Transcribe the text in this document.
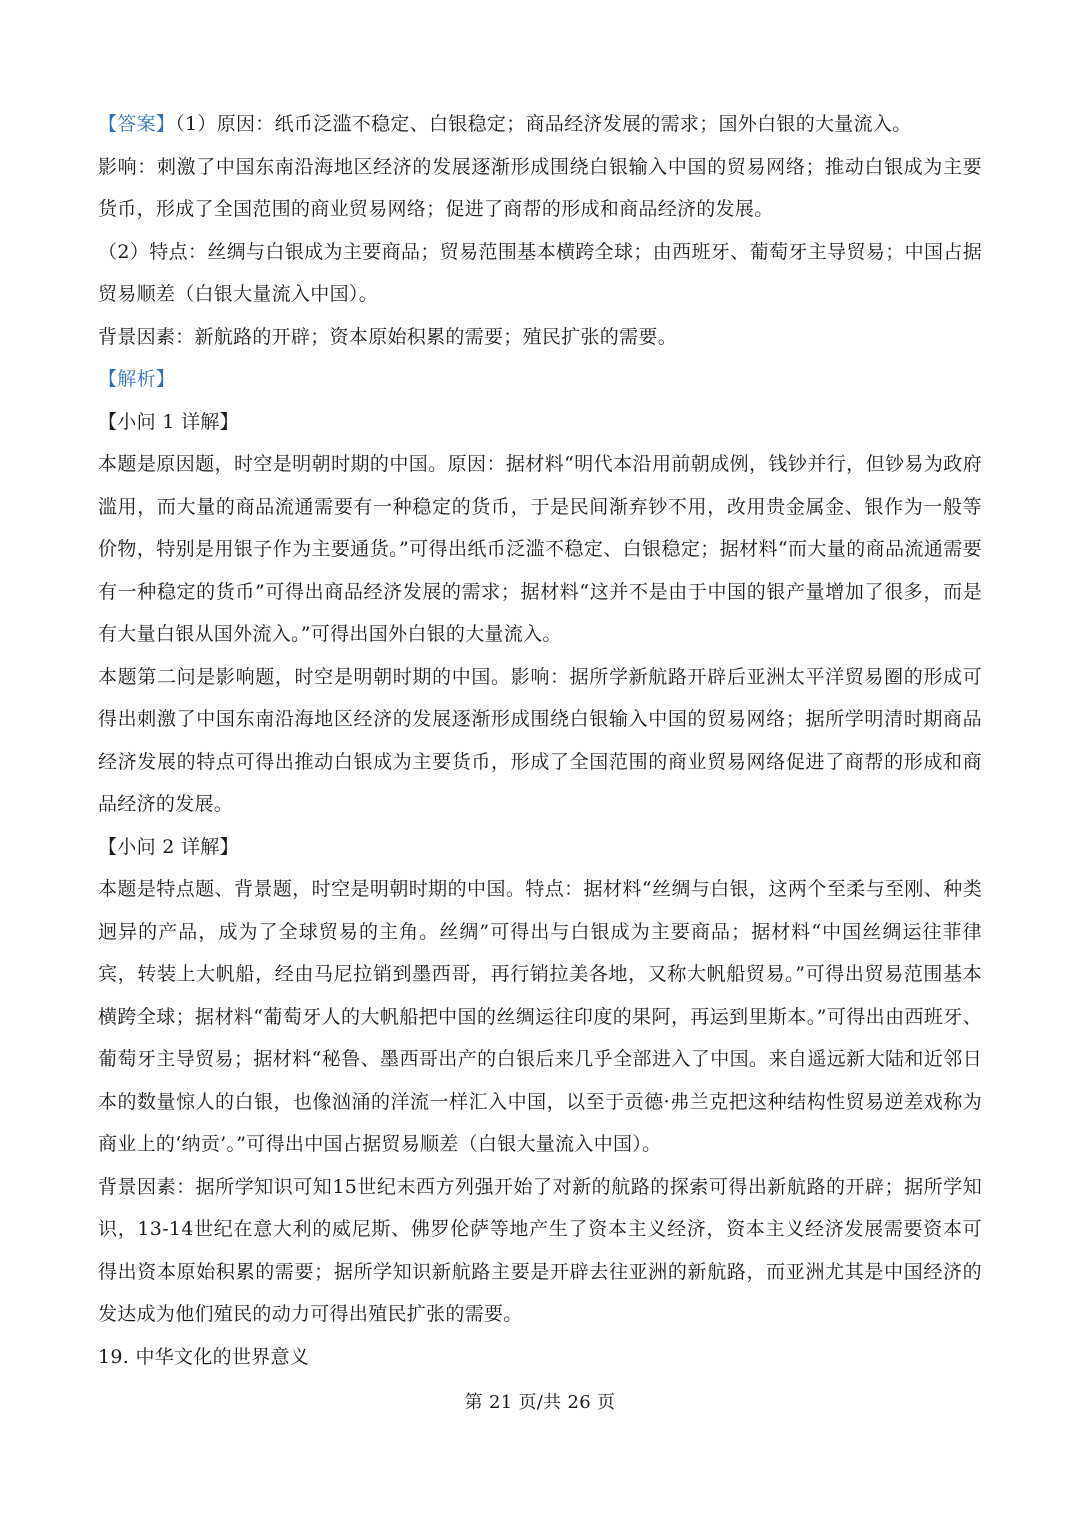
【答案】（1）原因：纸币泛滥不稳定、白银稳定；商品经济发展的需求；国外白银的大量流入。

影响：刺激了中国东南沿海地区经济的发展逐渐形成围绕白银输入中国的贸易网络；推动白银成为主要货币，形成了全国范围的商业贸易网络；促进了商帮的形成和商品经济的发展。

（2）特点：丝绸与白银成为主要商品；贸易范围基本横跨全球；由西班牙、葡萄牙主导贸易；中国占据贸易顺差（白银大量流入中国）。

背景因素：新航路的开辟；资本原始积累的需要；殖民扩张的需要。

【解析】

【小问 1 详解】

本题是原因题，时空是明朝时期的中国。原因：据材料“明代本沿用前朝成例，钱钞并行，但钞易为政府滥用，而大量的商品流通需要有一种稳定的货币，于是民间渐弃钞不用，改用贵金属金、银作为一般等价物，特别是用银子作为主要通货。”可得出纸币泛滥不稳定、白银稳定；据材料“而大量的商品流通需要有一种稳定的货币”可得出商品经济发展的需求；据材料“这并不是由于中国的银产量增加了很多，而是有大量白银从国外流入。”可得出国外白银的大量流入。

本题第二问是影响题，时空是明朝时期的中国。影响：据所学新航路开辟后亚洲太平洋贸易圈的形成可得出刺激了中国东南沿海地区经济的发展逐渐形成围绕白银输入中国的贸易网络；据所学明清时期商品经济发展的特点可得出推动白银成为主要货币，形成了全国范围的商业贸易网络促进了商帮的形成和商品经济的发展。

【小问 2 详解】

本题是特点题、背景题，时空是明朝时期的中国。特点：据材料“丝绸与白银，这两个至柔与至刚、种类迥异的产品，成为了全球贸易的主角。丝绸”可得出与白银成为主要商品；据材料“中国丝绸运往菲律宾，转装上大帆船，经由马尼拉销到墨西哥，再行销拉美各地，又称大帆船贸易。”可得出贸易范围基本横跨全球；据材料“葡萄牙人的大帆船把中国的丝绸运往印度的果阿，再运到里斯本。”可得出由西班牙、葡萄牙主导贸易；据材料“秘鲁、墨西哥出产的白银后来几乎全部进入了中国。来自遥远新大陆和近邻日本的数量惊人的白银，也像汹涌的洋流一样汇入中国，以至于贡德·弗兰克把这种结构性贸易逆差戏称为商业上的‘纳贡’。”可得出中国占据贸易顺差（白银大量流入中国）。

背景因素：据所学知识可知15世纪末西方列强开始了对新的航路的探索可得出新航路的开辟；据所学知识，13-14世纪在意大利的威尼斯、佛罗伦萨等地产生了资本主义经济，资本主义经济发展需要资本可得出资本原始积累的需要；据所学知识新航路主要是开辟去往亚洲的新航路，而亚洲尤其是中国经济的发达成为他们殖民的动力可得出殖民扩张的需要。

19. 中华文化的世界意义

第 21 页/共 26 页
